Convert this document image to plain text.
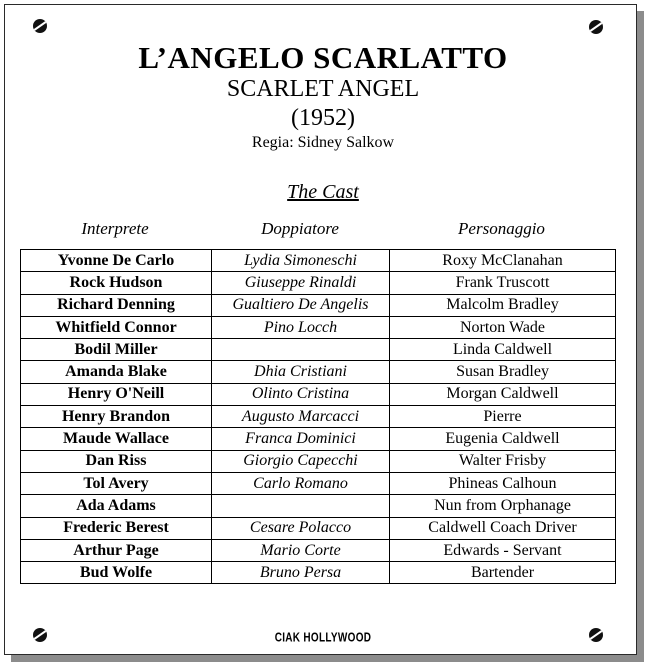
L’ANGELO SCARLATTO
SCARLET ANGEL
(1952)
Regia: Sidney Salkow
The Cast
Interprete	Doppiatore	Personaggio
Yvonne De Carlo	Lydia Simoneschi	Roxy McClanahan
Rock Hudson	Giuseppe Rinaldi	Frank Truscott
Richard Denning	Gualtiero De Angelis	Malcolm Bradley
Whitfield Connor	Pino Locch	Norton Wade
Bodil Miller		Linda Caldwell
Amanda Blake	Dhia Cristiani	Susan Bradley
Henry O'Neill	Olinto Cristina	Morgan Caldwell
Henry Brandon	Augusto Marcacci	Pierre
Maude Wallace	Franca Dominici	Eugenia Caldwell
Dan Riss	Giorgio Capecchi	Walter Frisby
Tol Avery	Carlo Romano	Phineas Calhoun
Ada Adams		Nun from Orphanage
Frederic Berest	Cesare Polacco	Caldwell Coach Driver
Arthur Page	Mario Corte	Edwards - Servant
Bud Wolfe	Bruno Persa	Bartender
CIAK HOLLYWOOD
